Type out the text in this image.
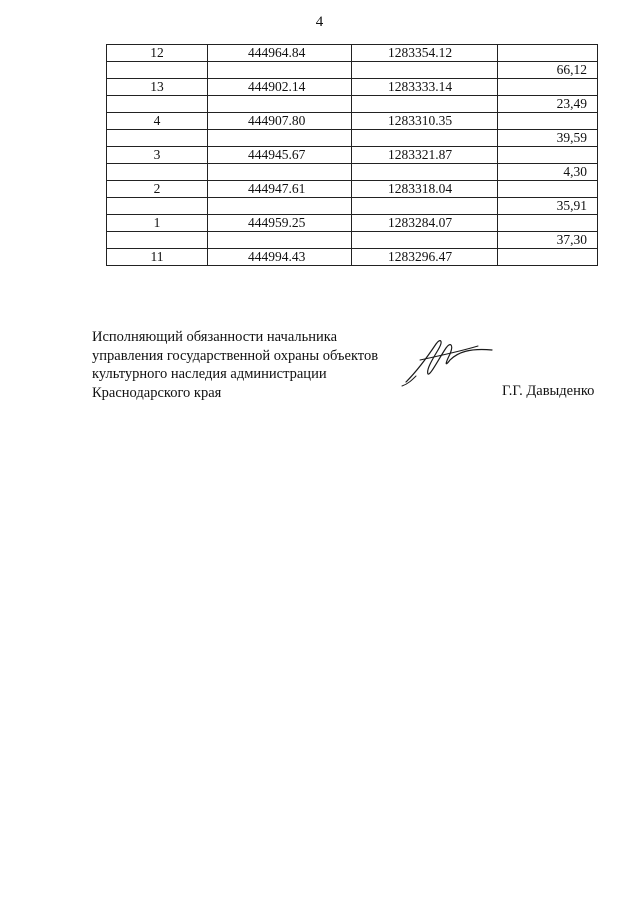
4
12	444964.84	1283354.12	
			66,12
13	444902.14	1283333.14	
			23,49
4	444907.80	1283310.35	
			39,59
3	444945.67	1283321.87	
			4,30
2	444947.61	1283318.04	
			35,91
1	444959.25	1283284.07	
			37,30
11	444994.43	1283296.47	
Исполняющий обязанности начальника
управления государственной охраны объектов
культурного наследия администрации
Краснодарского края	Г.Г. Давыденко
